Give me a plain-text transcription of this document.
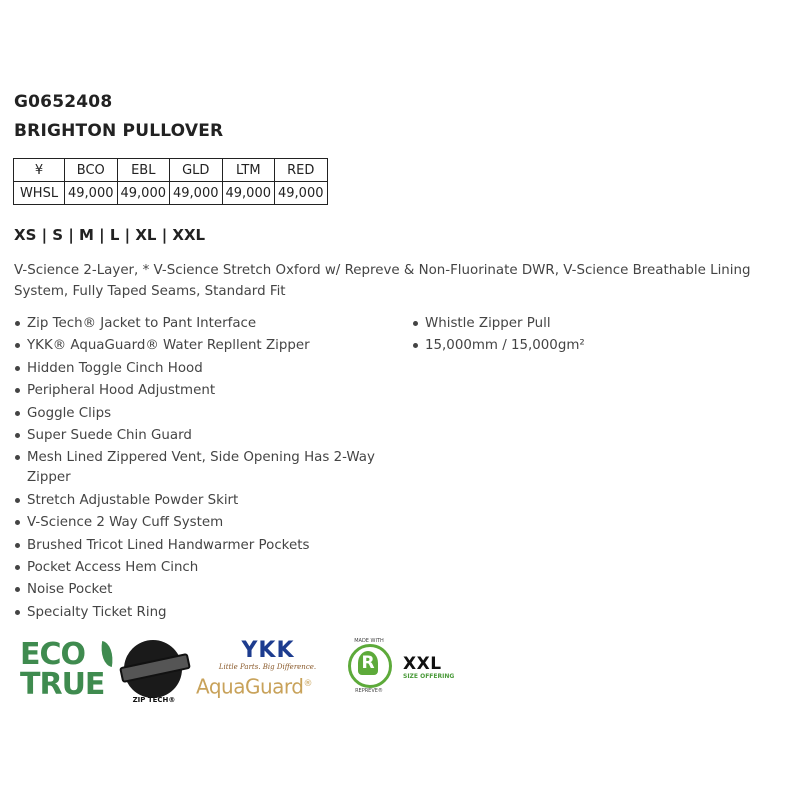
G0652408
BRIGHTON PULLOVER
¥	BCO	EBL	GLD	LTM	RED
WHSL	49,000	49,000	49,000	49,000	49,000
XS | S | M | L | XL | XXL
V-Science 2-Layer, * V-Science Stretch Oxford w/ Repreve & Non-Fluorinate DWR, V-Science Breathable Lining System, Fully Taped Seams, Standard Fit
Zip Tech® Jacket to Pant Interface
YKK® AquaGuard® Water Repllent Zipper
Hidden Toggle Cinch Hood
Peripheral Hood Adjustment
Goggle Clips
Super Suede Chin Guard
Mesh Lined Zippered Vent, Side Opening Has 2-Way Zipper
Stretch Adjustable Powder Skirt
V-Science 2 Way Cuff System
Brushed Tricot Lined Handwarmer Pockets
Pocket Access Hem Cinch
Noise Pocket
Specialty Ticket Ring
Whistle Zipper Pull
15,000mm / 15,000gm²
ECO
TRUE	ZIP TECH®
YKK
Little Parts. Big Difference.
AquaGuard®
MADE WITH
R
REPREVE®
XXL
SIZE OFFERING
